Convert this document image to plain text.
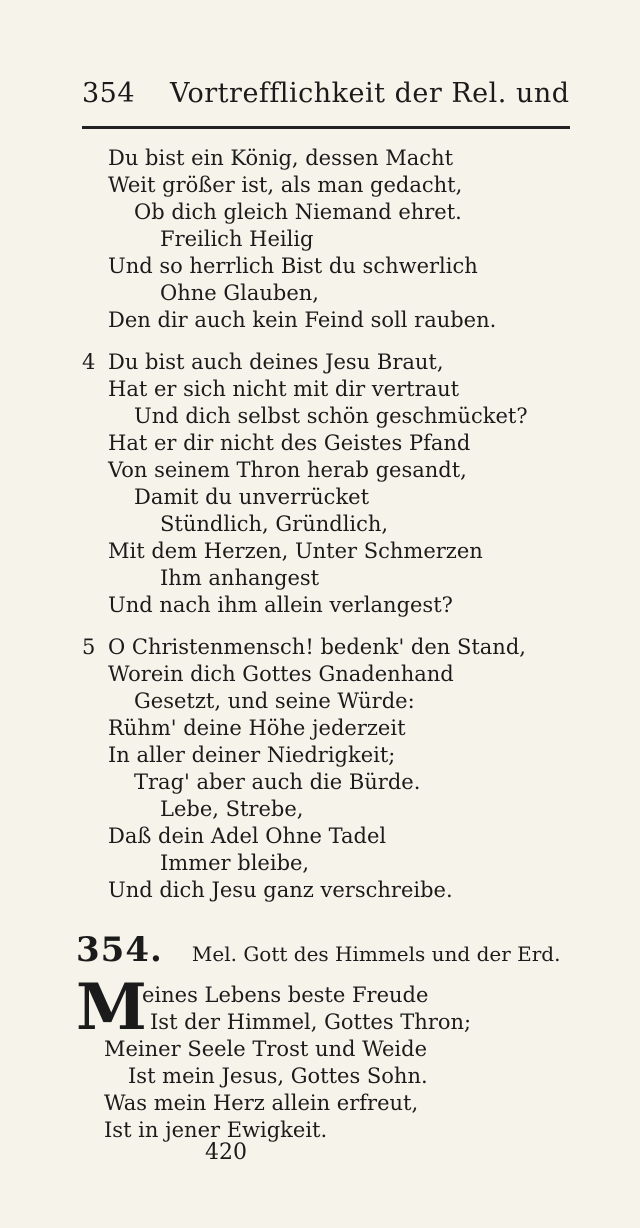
354 Vortrefflichkeit der Rel. und
Du bist ein König, dessen Macht
Weit größer ist, als man gedacht,
Ob dich gleich Niemand ehret.
Freilich Heilig
Und so herrlich Bist du schwerlich
Ohne Glauben,
Den dir auch kein Feind soll rauben.
4 Du bist auch deines Jesu Braut,
Hat er sich nicht mit dir vertraut
Und dich selbst schön geschmücket?
Hat er dir nicht des Geistes Pfand
Von seinem Thron herab gesandt,
Damit du unverrücket
Stündlich, Gründlich,
Mit dem Herzen, Unter Schmerzen
Ihm anhangest
Und nach ihm allein verlangest?
5 O Christenmensch! bedenk' den Stand,
Worein dich Gottes Gnadenhand
Gesetzt, und seine Würde:
Rühm' deine Höhe jederzeit
In aller deiner Niedrigkeit;
Trag' aber auch die Bürde.
Lebe, Strebe,
Daß dein Adel Ohne Tadel
Immer bleibe,
Und dich Jesu ganz verschreibe.
354. Mel. Gott des Himmels und der Erd.
M
eines Lebens beste Freude
Ist der Himmel, Gottes Thron;
Meiner Seele Trost und Weide
Ist mein Jesus, Gottes Sohn.
Was mein Herz allein erfreut,
Ist in jener Ewigkeit.
420
